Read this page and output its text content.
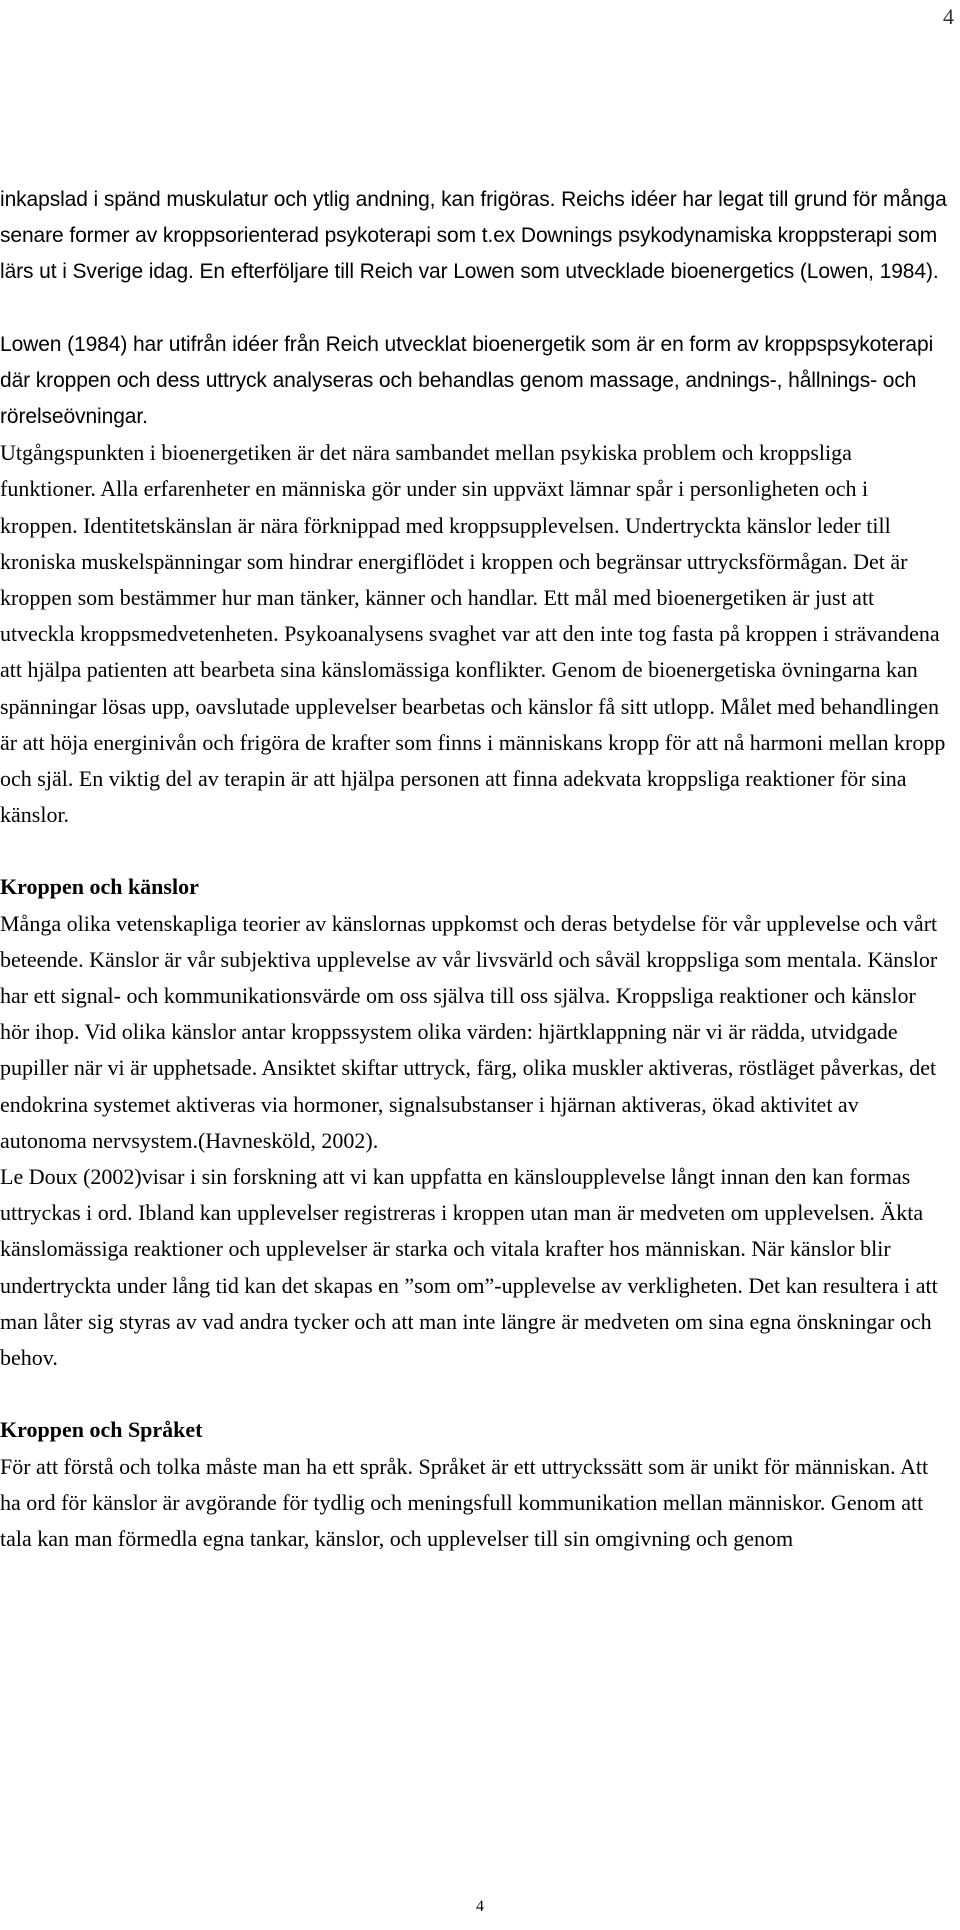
4

inkapslad i spänd muskulatur och ytlig andning, kan frigöras. Reichs idéer har legat till grund för många senare former av kroppsorienterad psykoterapi som t.ex Downings psykodynamiska kroppsterapi som lärs ut i Sverige idag. En efterföljare till Reich var Lowen som utvecklade bioenergetics (Lowen, 1984).

Lowen (1984) har utifrån idéer från Reich utvecklat bioenergetik som är en form av kroppspsykoterapi där kroppen och dess uttryck analyseras och behandlas genom massage, andnings-, hållnings- och rörelseövningar.

Utgångspunkten i bioenergetiken är det nära sambandet mellan psykiska problem och kroppsliga funktioner. Alla erfarenheter en människa gör under sin uppväxt lämnar spår i personligheten och i kroppen. Identitetskänslan är nära förknippad med kroppsupplevelsen. Undertryckta känslor leder till kroniska muskelspänningar som hindrar energiflödet i kroppen och begränsar uttrycksförmågan. Det är kroppen som bestämmer hur man tänker, känner och handlar. Ett mål med bioenergetiken är just att utveckla kroppsmedvetenheten. Psykoanalysens svaghet var att den inte tog fasta på kroppen i strävandena att hjälpa patienten att bearbeta sina känslomässiga konflikter. Genom de bioenergetiska övningarna kan spänningar lösas upp, oavslutade upplevelser bearbetas och känslor få sitt utlopp. Målet med behandlingen är att höja energinivån och frigöra de krafter som finns i människans kropp för att nå harmoni mellan kropp och själ. En viktig del av terapin är att hjälpa personen att finna adekvata kroppsliga reaktioner för sina känslor.

Kroppen och känslor

Många olika vetenskapliga teorier av känslornas uppkomst och deras betydelse för vår upplevelse och vårt beteende. Känslor är vår subjektiva upplevelse av vår livsvärld och såväl kroppsliga som mentala. Känslor har ett signal- och kommunikationsvärde om oss själva till oss själva. Kroppsliga reaktioner och känslor hör ihop. Vid olika känslor antar kroppssystem olika värden: hjärtklappning när vi är rädda, utvidgade pupiller när vi är upphetsade. Ansiktet skiftar uttryck, färg, olika muskler aktiveras, röstläget påverkas, det endokrina systemet aktiveras via hormoner, signalsubstanser i hjärnan aktiveras, ökad aktivitet av autonoma nervsystem.(Havnesköld, 2002).

Le Doux (2002)visar i sin forskning att vi kan uppfatta en känsloupplevelse långt innan den kan formas uttryckas i ord. Ibland kan upplevelser registreras i kroppen utan man är medveten om upplevelsen. Äkta känslomässiga reaktioner och upplevelser är starka och vitala krafter hos människan. När känslor blir undertryckta under lång tid kan det skapas en ”som om”-upplevelse av verkligheten. Det kan resultera i att man låter sig styras av vad andra tycker och att man inte längre är medveten om sina egna önskningar och behov.

Kroppen och Språket

För att förstå och tolka måste man ha ett språk. Språket är ett uttryckssätt som är unikt för människan. Att ha ord för känslor är avgörande för tydlig och meningsfull kommunikation mellan människor. Genom att tala kan man förmedla egna tankar, känslor, och upplevelser till sin omgivning och genom

4
